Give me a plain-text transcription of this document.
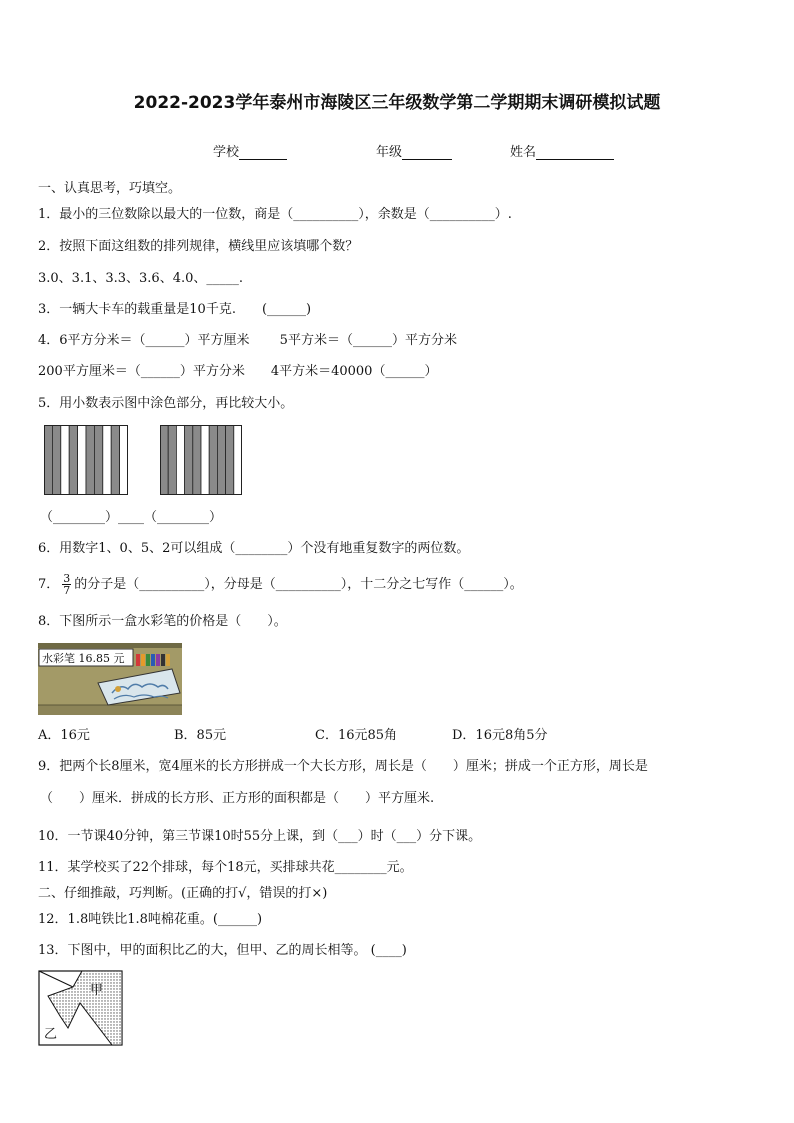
2022-2023学年泰州市海陵区三年级数学第二学期期末调研模拟试题
学校	年级	姓名
一、认真思考，巧填空。
1．最小的三位数除以最大的一位数，商是（__________），余数是（__________）.
2．按照下面这组数的排列规律，横线里应该填哪个数？
3.0、3.1、3.3、3.6、4.0、_____.
3．一辆大卡车的载重量是10千克.　　(______)
4．6平方分米＝（______）平方厘米　　 5平方米＝（______）平方分米
200平方厘米＝（______）平方分米　　4平方米＝40000（______）
5．用小数表示图中涂色部分，再比较大小。
（________）____（________）
6．用数字1、0、5、2可以组成（________）个没有地重复数字的两位数。
7． $\frac{3}{7}$ 的分子是（__________），分母是（__________），十二分之七写作（______）。
8．下图所示一盒水彩笔的价格是（　　）。
水彩笔 16.85 元
A．16元	B．85元	C．16元85角	D．16元8角5分
9．把两个长8厘米，宽4厘米的长方形拼成一个大长方形，周长是（　　）厘米；拼成一个正方形，周长是
（　　）厘米．拼成的长方形、正方形的面积都是（　　）平方厘米.
10．一节课40分钟，第三节课10时55分上课，到（___）时（___）分下课。
11．某学校买了22个排球，每个18元，买排球共花________元。
二、仔细推敲，巧判断。(正确的打√，错误的打×)
12．1.8吨铁比1.8吨棉花重。(______)
13．下图中，甲的面积比乙的大，但甲、乙的周长相等。 (____)
甲
乙
